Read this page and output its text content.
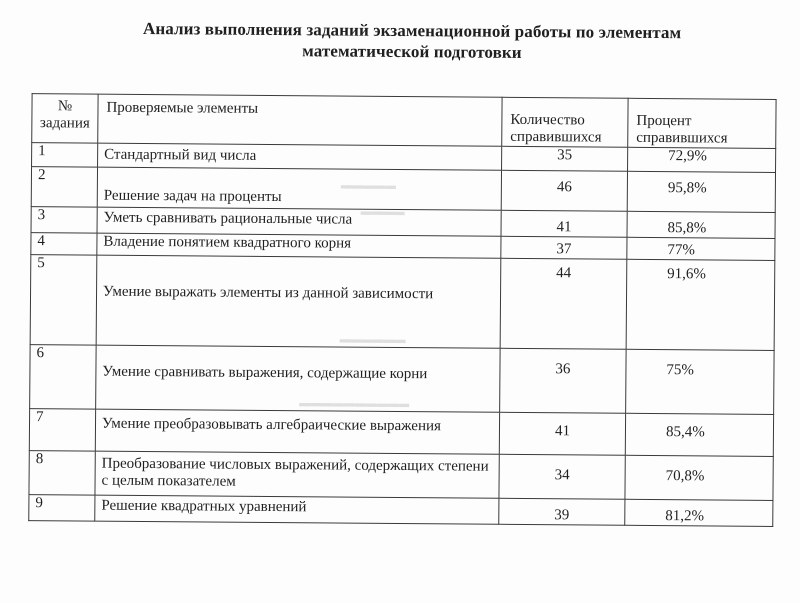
Анализ выполнения заданий экзаменационной работы по элементам
математической подготовки
▬▬▬▬▬
▬▬▬▬
▬▬▬▬▬▬
▬▬▬▬▬▬▬▬▬▬
№ задания	Проверяемые элементы	Количество справившихся	Процент справившихся
1	Стандартный вид числа	35	72,9%
2	Решение задач на проценты	46	95,8%
3	Уметь сравнивать рациональные числа	41	85,8%
4	Владение понятием квадратного корня	37	77%
5	Умение выражать элементы из данной зависимости	44	91,6%
6	Умение сравнивать выражения, содержащие корни	36	75%
7	Умение преобразовывать алгебраические выражения	41	85,4%
8	Преобразование числовых выражений, содержащих степени с целым показателем	34	70,8%
9	Решение квадратных уравнений	39	81,2%
